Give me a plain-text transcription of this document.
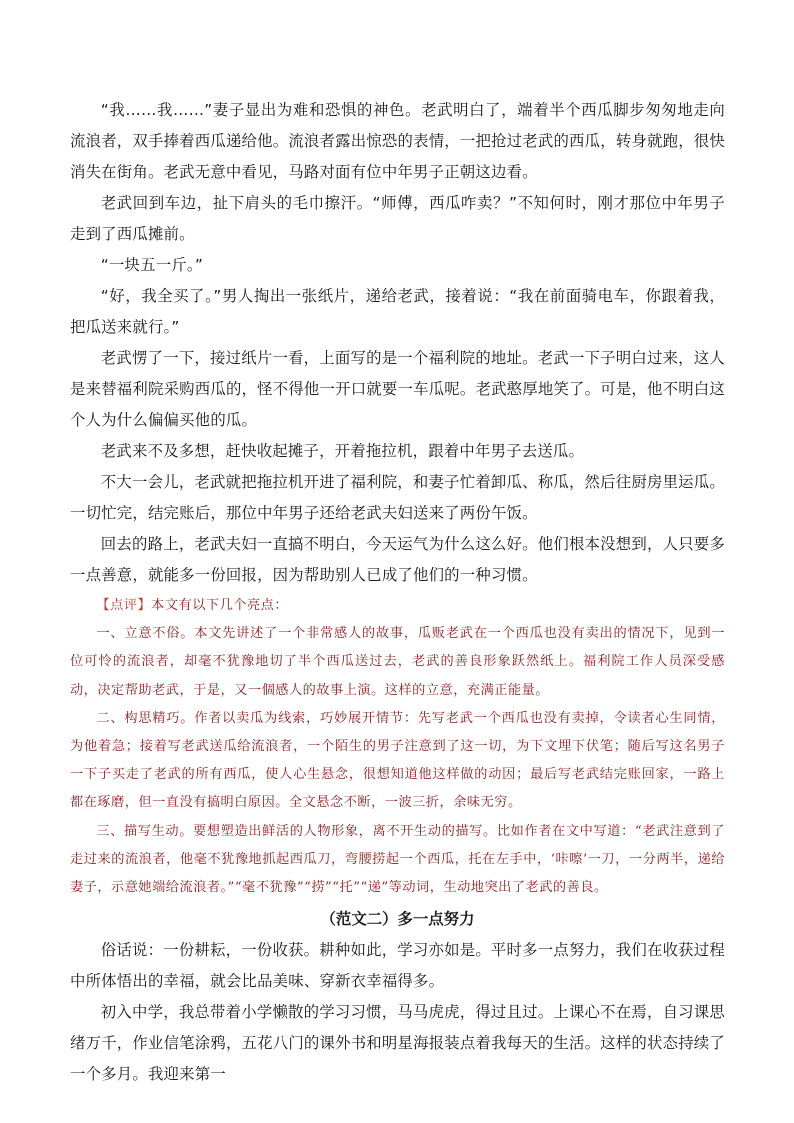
“我……我……”妻子显出为难和恐惧的神色。老武明白了，端着半个西瓜脚步匆匆地走向流浪者，双手捧着西瓜递给他。流浪者露出惊恐的表情，一把抢过老武的西瓜，转身就跑，很快消失在街角。老武无意中看见，马路对面有位中年男子正朝这边看。

老武回到车边，扯下肩头的毛巾擦汗。“师傅，西瓜咋卖？”不知何时，刚才那位中年男子走到了西瓜摊前。

“一块五一斤。”

“好，我全买了。”男人掏出一张纸片，递给老武，接着说：“我在前面骑电车，你跟着我，把瓜送来就行。”

老武愣了一下，接过纸片一看，上面写的是一个福利院的地址。老武一下子明白过来，这人是来替福利院采购西瓜的，怪不得他一开口就要一车瓜呢。老武憨厚地笑了。可是，他不明白这个人为什么偏偏买他的瓜。

老武来不及多想，赶快收起摊子，开着拖拉机，跟着中年男子去送瓜。

不大一会儿，老武就把拖拉机开进了福利院，和妻子忙着卸瓜、称瓜，然后往厨房里运瓜。一切忙完，结完账后，那位中年男子还给老武夫妇送来了两份午饭。

回去的路上，老武夫妇一直搞不明白，今天运气为什么这么好。他们根本没想到，人只要多一点善意，就能多一份回报，因为帮助别人已成了他们的一种习惯。

【点评】本文有以下几个亮点：

一、立意不俗。本文先讲述了一个非常感人的故事，瓜贩老武在一个西瓜也没有卖出的情况下，见到一位可怜的流浪者，却毫不犹豫地切了半个西瓜送过去，老武的善良形象跃然纸上。福利院工作人员深受感动，决定帮助老武，于是，又一個感人的故事上演。这样的立意，充满正能量。

二、构思精巧。作者以卖瓜为线索，巧妙展开情节：先写老武一个西瓜也没有卖掉，令读者心生同情，为他着急；接着写老武送瓜给流浪者，一个陌生的男子注意到了这一切，为下文埋下伏笔；随后写这名男子一下子买走了老武的所有西瓜，使人心生悬念，很想知道他这样做的动因；最后写老武结完账回家，一路上都在琢磨，但一直没有搞明白原因。全文悬念不断，一波三折，余味无穷。

三、描写生动。要想塑造出鲜活的人物形象，离不开生动的描写。比如作者在文中写道：“老武注意到了走过来的流浪者，他毫不犹豫地抓起西瓜刀，弯腰捞起一个西瓜，托在左手中，‘咔嚓’一刀，一分两半，递给妻子，示意她端给流浪者。”“毫不犹豫”“捞”“托”“递”等动词，生动地突出了老武的善良。

（范文二）多一点努力

俗话说：一份耕耘，一份收获。耕种如此，学习亦如是。平时多一点努力，我们在收获过程中所体悟出的幸福，就会比品美味、穿新衣幸福得多。

初入中学，我总带着小学懒散的学习习惯，马马虎虎，得过且过。上课心不在焉，自习课思绪万千，作业信笔涂鸦，五花八门的课外书和明星海报装点着我每天的生活。这样的状态持续了一个多月。我迎来第一
